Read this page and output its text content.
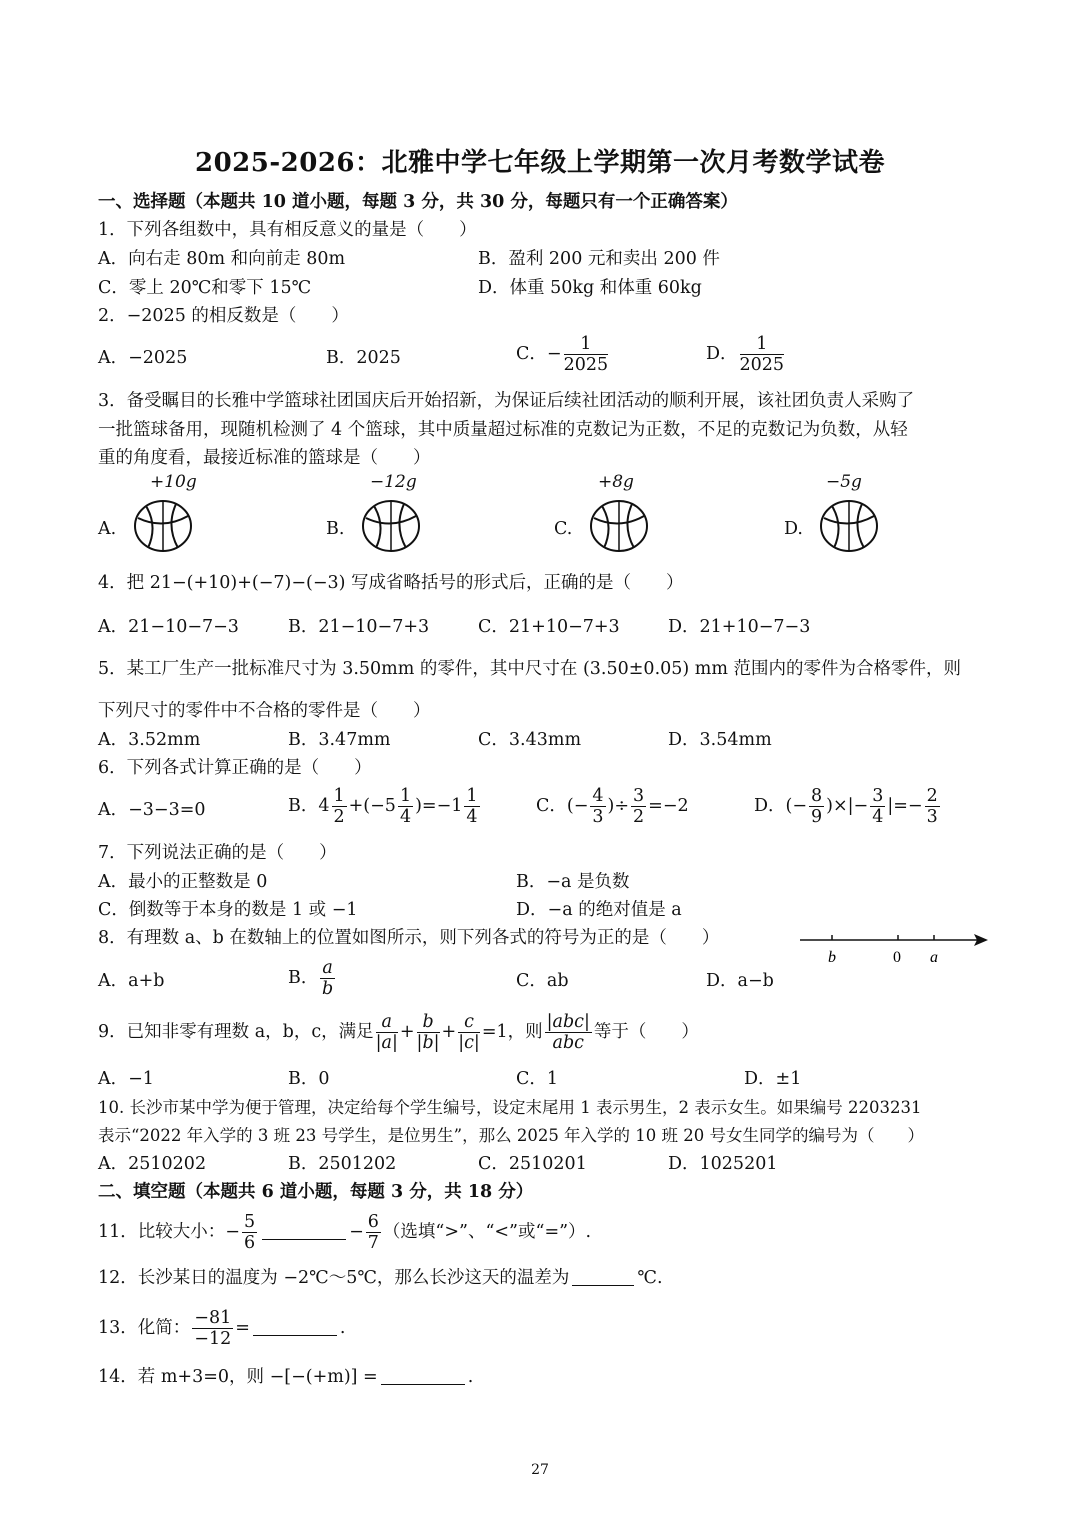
2025-2026：北雅中学七年级上学期第一次月考数学试卷
一、选择题（本题共 10 道小题，每题 3 分，共 30 分，每题只有一个正确答案）
1．下列各组数中，具有相反意义的量是（　　）
A．向右走 80m 和向前走 80m	B．盈利 200 元和卖出 200 件
C．零上 20℃和零下 15℃	D．体重 50kg 和体重 60kg
2．−2025 的相反数是（　　）
A．−2025	B．2025	C．− $\frac{1}{2025}$	D． $\frac{1}{2025}$
3．备受瞩目的长雅中学篮球社团国庆后开始招新，为保证后续社团活动的顺利开展，该社团负责人采购了
一批篮球备用，现随机检测了 4 个篮球，其中质量超过标准的克数记为正数，不足的克数记为负数，从轻
重的角度看，最接近标准的篮球是（　　）
+10g	−12g	+8g	−5g
A.	B.	C.	D.
4．把 21−(+10)+(−7)−(−3) 写成省略括号的形式后，正确的是（　　）
A．21−10−7−3	B．21−10−7+3	C．21+10−7+3	D．21+10−7−3
5．某工厂生产一批标准尺寸为 3.50mm 的零件，其中尺寸在 (3.50±0.05) mm 范围内的零件为合格零件，则
下列尺寸的零件中不合格的零件是（　　）
A．3.52mm	B．3.47mm	C．3.43mm	D．3.54mm
6．下列各式计算正确的是（　　）
A．−3−3=0	B．$4 \frac{1}{2} +(-5 \frac{1}{4} )=-1 \frac{1}{4}$	C．(− $\frac{4}{3}$ )÷ $\frac{3}{2} =-2$	D．(− $\frac{8}{9}$ )×|− $\frac{3}{4}$ |=− $\frac{2}{3}$
7．下列说法正确的是（　　）
A．最小的正整数是 0	B．−a 是负数
C．倒数等于本身的数是 1 或 −1	D．−a 的绝对值是 a
8．有理数 a、b 在数轴上的位置如图所示，则下列各式的符号为正的是（　　）
b	0 a
A．a+b	B． $\frac{a}{b}$	C．ab	D．a−b
9．已知非零有理数 a，b，c，满足 $\frac{a}{|a|} + \frac{b}{|b|} + \frac{c}{|c|} =1$，则 $\frac{\text{|abc|}}{\text{abc}}$ 等于（　　）
A．−1	B．0	C．1	D．±1
10. 长沙市某中学为便于管理，决定给每个学生编号，设定末尾用 1 表示男生，2 表示女生。如果编号 2203231
表示“2022 年入学的 3 班 23 号学生，是位男生”，那么 2025 年入学的 10 班 20 号女生同学的编号为（　　）
A．2510202	B．2501202	C．2510201	D．1025201
二、填空题（本题共 6 道小题，每题 3 分，共 18 分）
11．比较大小：− $\frac{5}{6}$	− $\frac{6}{7}$ （选填“>”、“<”或“=”）.
12．长沙某日的温度为 −2℃～5℃，那么长沙这天的温差为	℃.
13．化简： $\frac{-81}{-12}$ =	.
14．若 m+3=0，则 −[−(+m)] =	.
27
